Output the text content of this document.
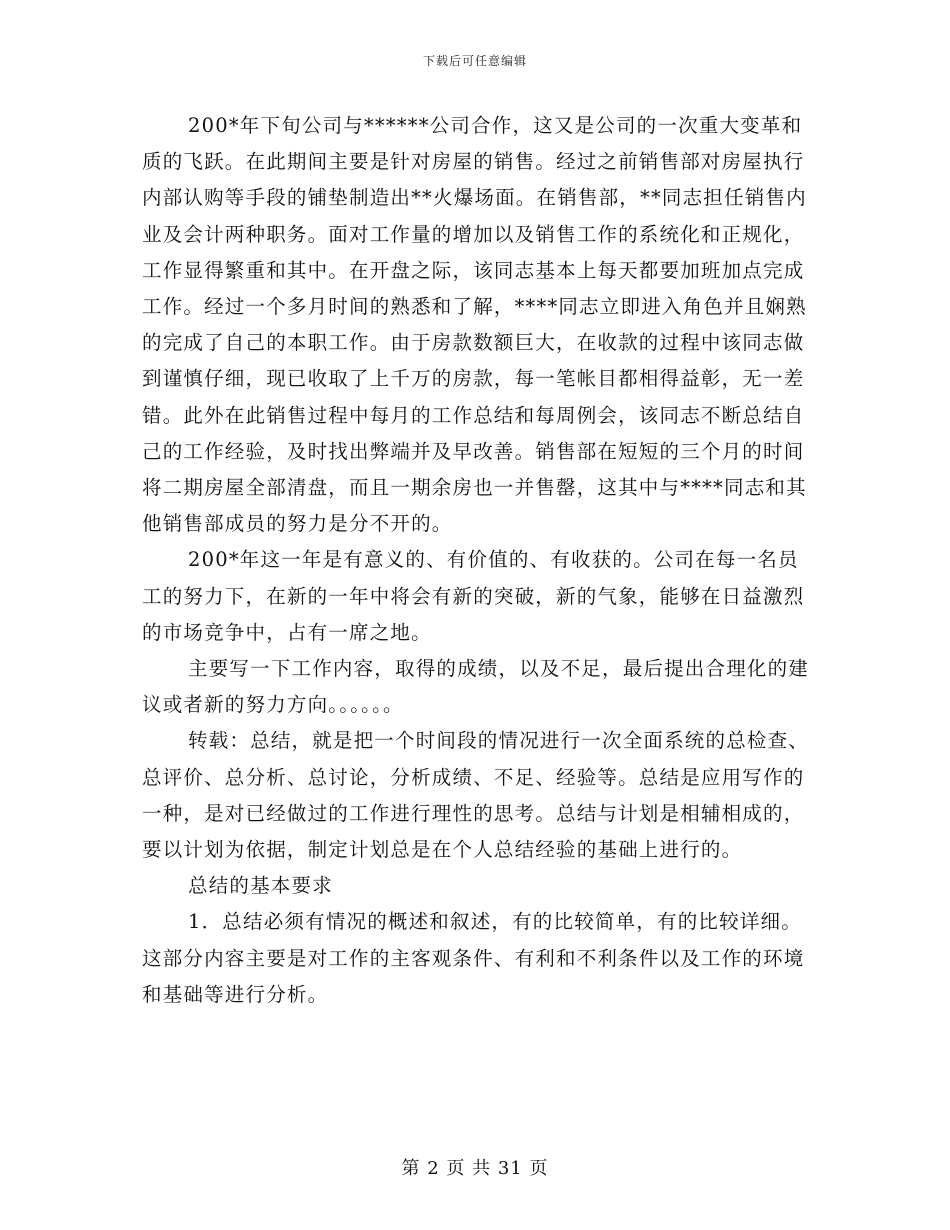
下载后可任意编辑

200*年下旬公司与******公司合作，这又是公司的一次重大变革和质的飞跃。在此期间主要是针对房屋的销售。经过之前销售部对房屋执行内部认购等手段的铺垫制造出**火爆场面。在销售部，**同志担任销售内业及会计两种职务。面对工作量的增加以及销售工作的系统化和正规化，工作显得繁重和其中。在开盘之际，该同志基本上每天都要加班加点完成工作。经过一个多月时间的熟悉和了解，****同志立即进入角色并且娴熟的完成了自己的本职工作。由于房款数额巨大，在收款的过程中该同志做到谨慎仔细，现已收取了上千万的房款，每一笔帐目都相得益彰，无一差错。此外在此销售过程中每月的工作总结和每周例会，该同志不断总结自己的工作经验，及时找出弊端并及早改善。销售部在短短的三个月的时间将二期房屋全部清盘，而且一期余房也一并售罄，这其中与****同志和其他销售部成员的努力是分不开的。

200*年这一年是有意义的、有价值的、有收获的。公司在每一名员工的努力下，在新的一年中将会有新的突破，新的气象，能够在日益激烈的市场竞争中，占有一席之地。

主要写一下工作内容，取得的成绩，以及不足，最后提出合理化的建议或者新的努力方向。。。。。。

转载：总结，就是把一个时间段的情况进行一次全面系统的总检查、总评价、总分析、总讨论，分析成绩、不足、经验等。总结是应用写作的一种，是对已经做过的工作进行理性的思考。总结与计划是相辅相成的，要以计划为依据，制定计划总是在个人总结经验的基础上进行的。

总结的基本要求

1．总结必须有情况的概述和叙述，有的比较简单，有的比较详细。这部分内容主要是对工作的主客观条件、有利和不利条件以及工作的环境和基础等进行分析。

第 2 页 共 31 页
